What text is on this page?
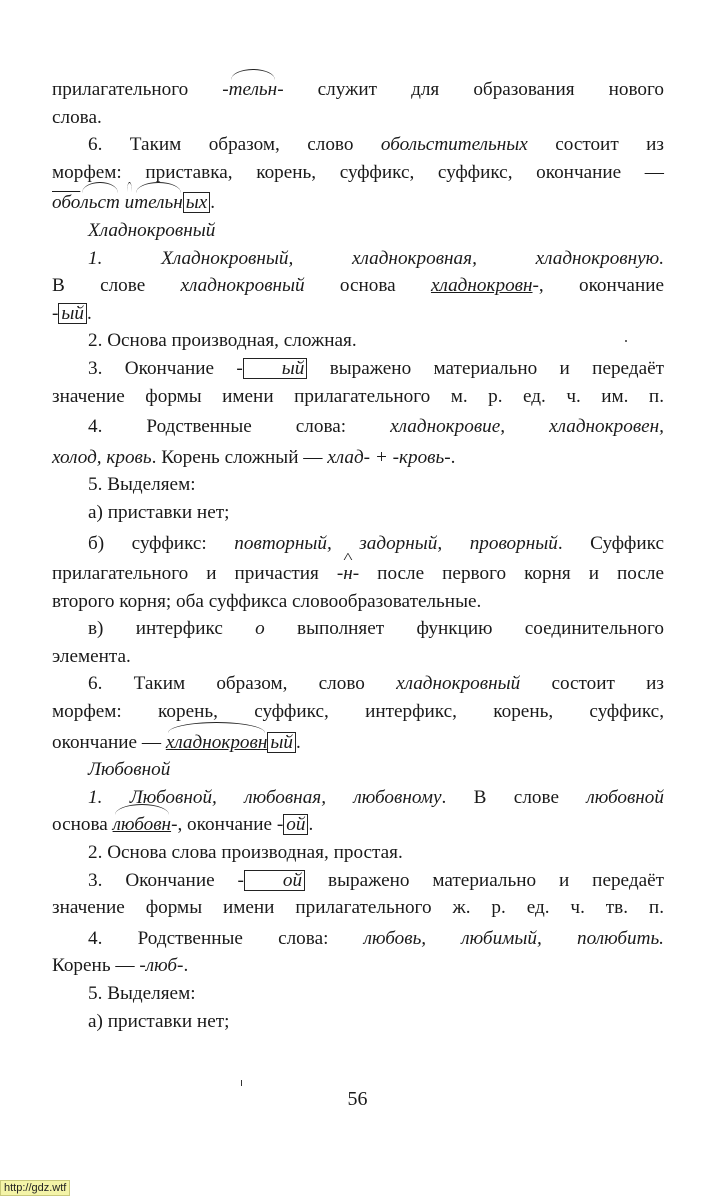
прилагательного -тельн- служит для образования нового

слова.

6. Таким образом, слово обольстительных состоит из

морфем: приставка, корень, суффикс, суффикс, окончание —

обольст ительн ых .

Хладнокровный

1. Хладнокровный, хладнокровная, хладнокровную.

В слове хладнокровный основа хладнокровн-, окончание

- ый .

2. Основа производная, сложная.

3. Окончание - ый выражено материально и передаёт

значение формы имени прилагательного м. р. ед. ч. им. п.

4. Родственные слова: хладнокровие, хладнокровен,

холод, кровь. Корень сложный — хлад- + -кровь-.

5. Выделяем:

а) приставки нет;

б) суффикс: повторный, задорный, проворный. Суффикс

прилагательного и причастия -^ н- после первого корня и после

второго корня; оба суффикса словообразовательные.

в) интерфикс о выполняет функцию соединительного

элемента.

6. Таким образом, слово хладнокровный состоит из

морфем: корень, суффикс, интерфикс, корень, суффикс,

окончание — хладнокровн ый .

Любовной

1. Любовной, любовная, любовному. В слове любовной

основа любовн-, окончание - ой .

2. Основа слова производная, простая.

3. Окончание - ой выражено материально и передаёт

значение формы имени прилагательного ж. р. ед. ч. тв. п.

4. Родственные слова: любовь, любимый, полюбить.

Корень — -люб-.

5. Выделяем:

а) приставки нет;

56
http://gdz.wtf
